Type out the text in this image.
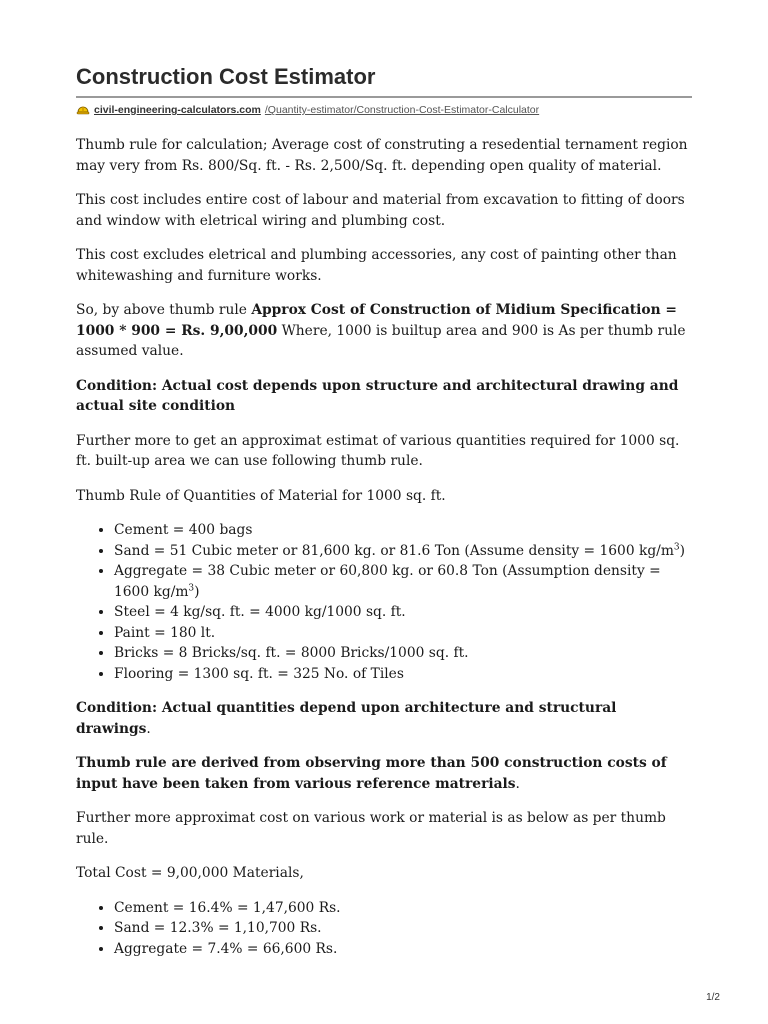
Construction Cost Estimator
civil-engineering-calculators.com /Quantity-estimator/Construction-Cost-Estimator-Calculator

Thumb rule for calculation; Average cost of construting a resedential ternament region may very from Rs. 800/Sq. ft. - Rs. 2,500/Sq. ft. depending open quality of material.

This cost includes entire cost of labour and material from excavation to fitting of doors and window with eletrical wiring and plumbing cost.

This cost excludes eletrical and plumbing accessories, any cost of painting other than whitewashing and furniture works.

So, by above thumb rule Approx Cost of Construction of Midium Specification = 1000 * 900 = Rs. 9,00,000 Where, 1000 is builtup area and 900 is As per thumb rule assumed value.

Condition: Actual cost depends upon structure and architectural drawing and actual site condition

Further more to get an approximat estimat of various quantities required for 1000 sq. ft. built-up area we can use following thumb rule.

Thumb Rule of Quantities of Material for 1000 sq. ft.

• Cement = 400 bags
• Sand = 51 Cubic meter or 81,600 kg. or 81.6 Ton (Assume density = 1600 $kg/m^3$)
• Aggregate = 38 Cubic meter or 60,800 kg. or 60.8 Ton (Assumption density = 1600 $kg/m^3$)
• Steel = 4 kg/sq. ft. = 4000 kg/1000 sq. ft.
• Paint = 180 lt.
• Bricks = 8 Bricks/sq. ft. = 8000 Bricks/1000 sq. ft.
• Flooring = 1300 sq. ft. = 325 No. of Tiles

Condition: Actual quantities depend upon architecture and structural drawings.

Thumb rule are derived from observing more than 500 construction costs of input have been taken from various reference matrerials.

Further more approximat cost on various work or material is as below as per thumb rule.

Total Cost = 9,00,000 Materials,

• Cement = 16.4% = 1,47,600 Rs.
• Sand = 12.3% = 1,10,700 Rs.
• Aggregate = 7.4% = 66,600 Rs.
1/2
